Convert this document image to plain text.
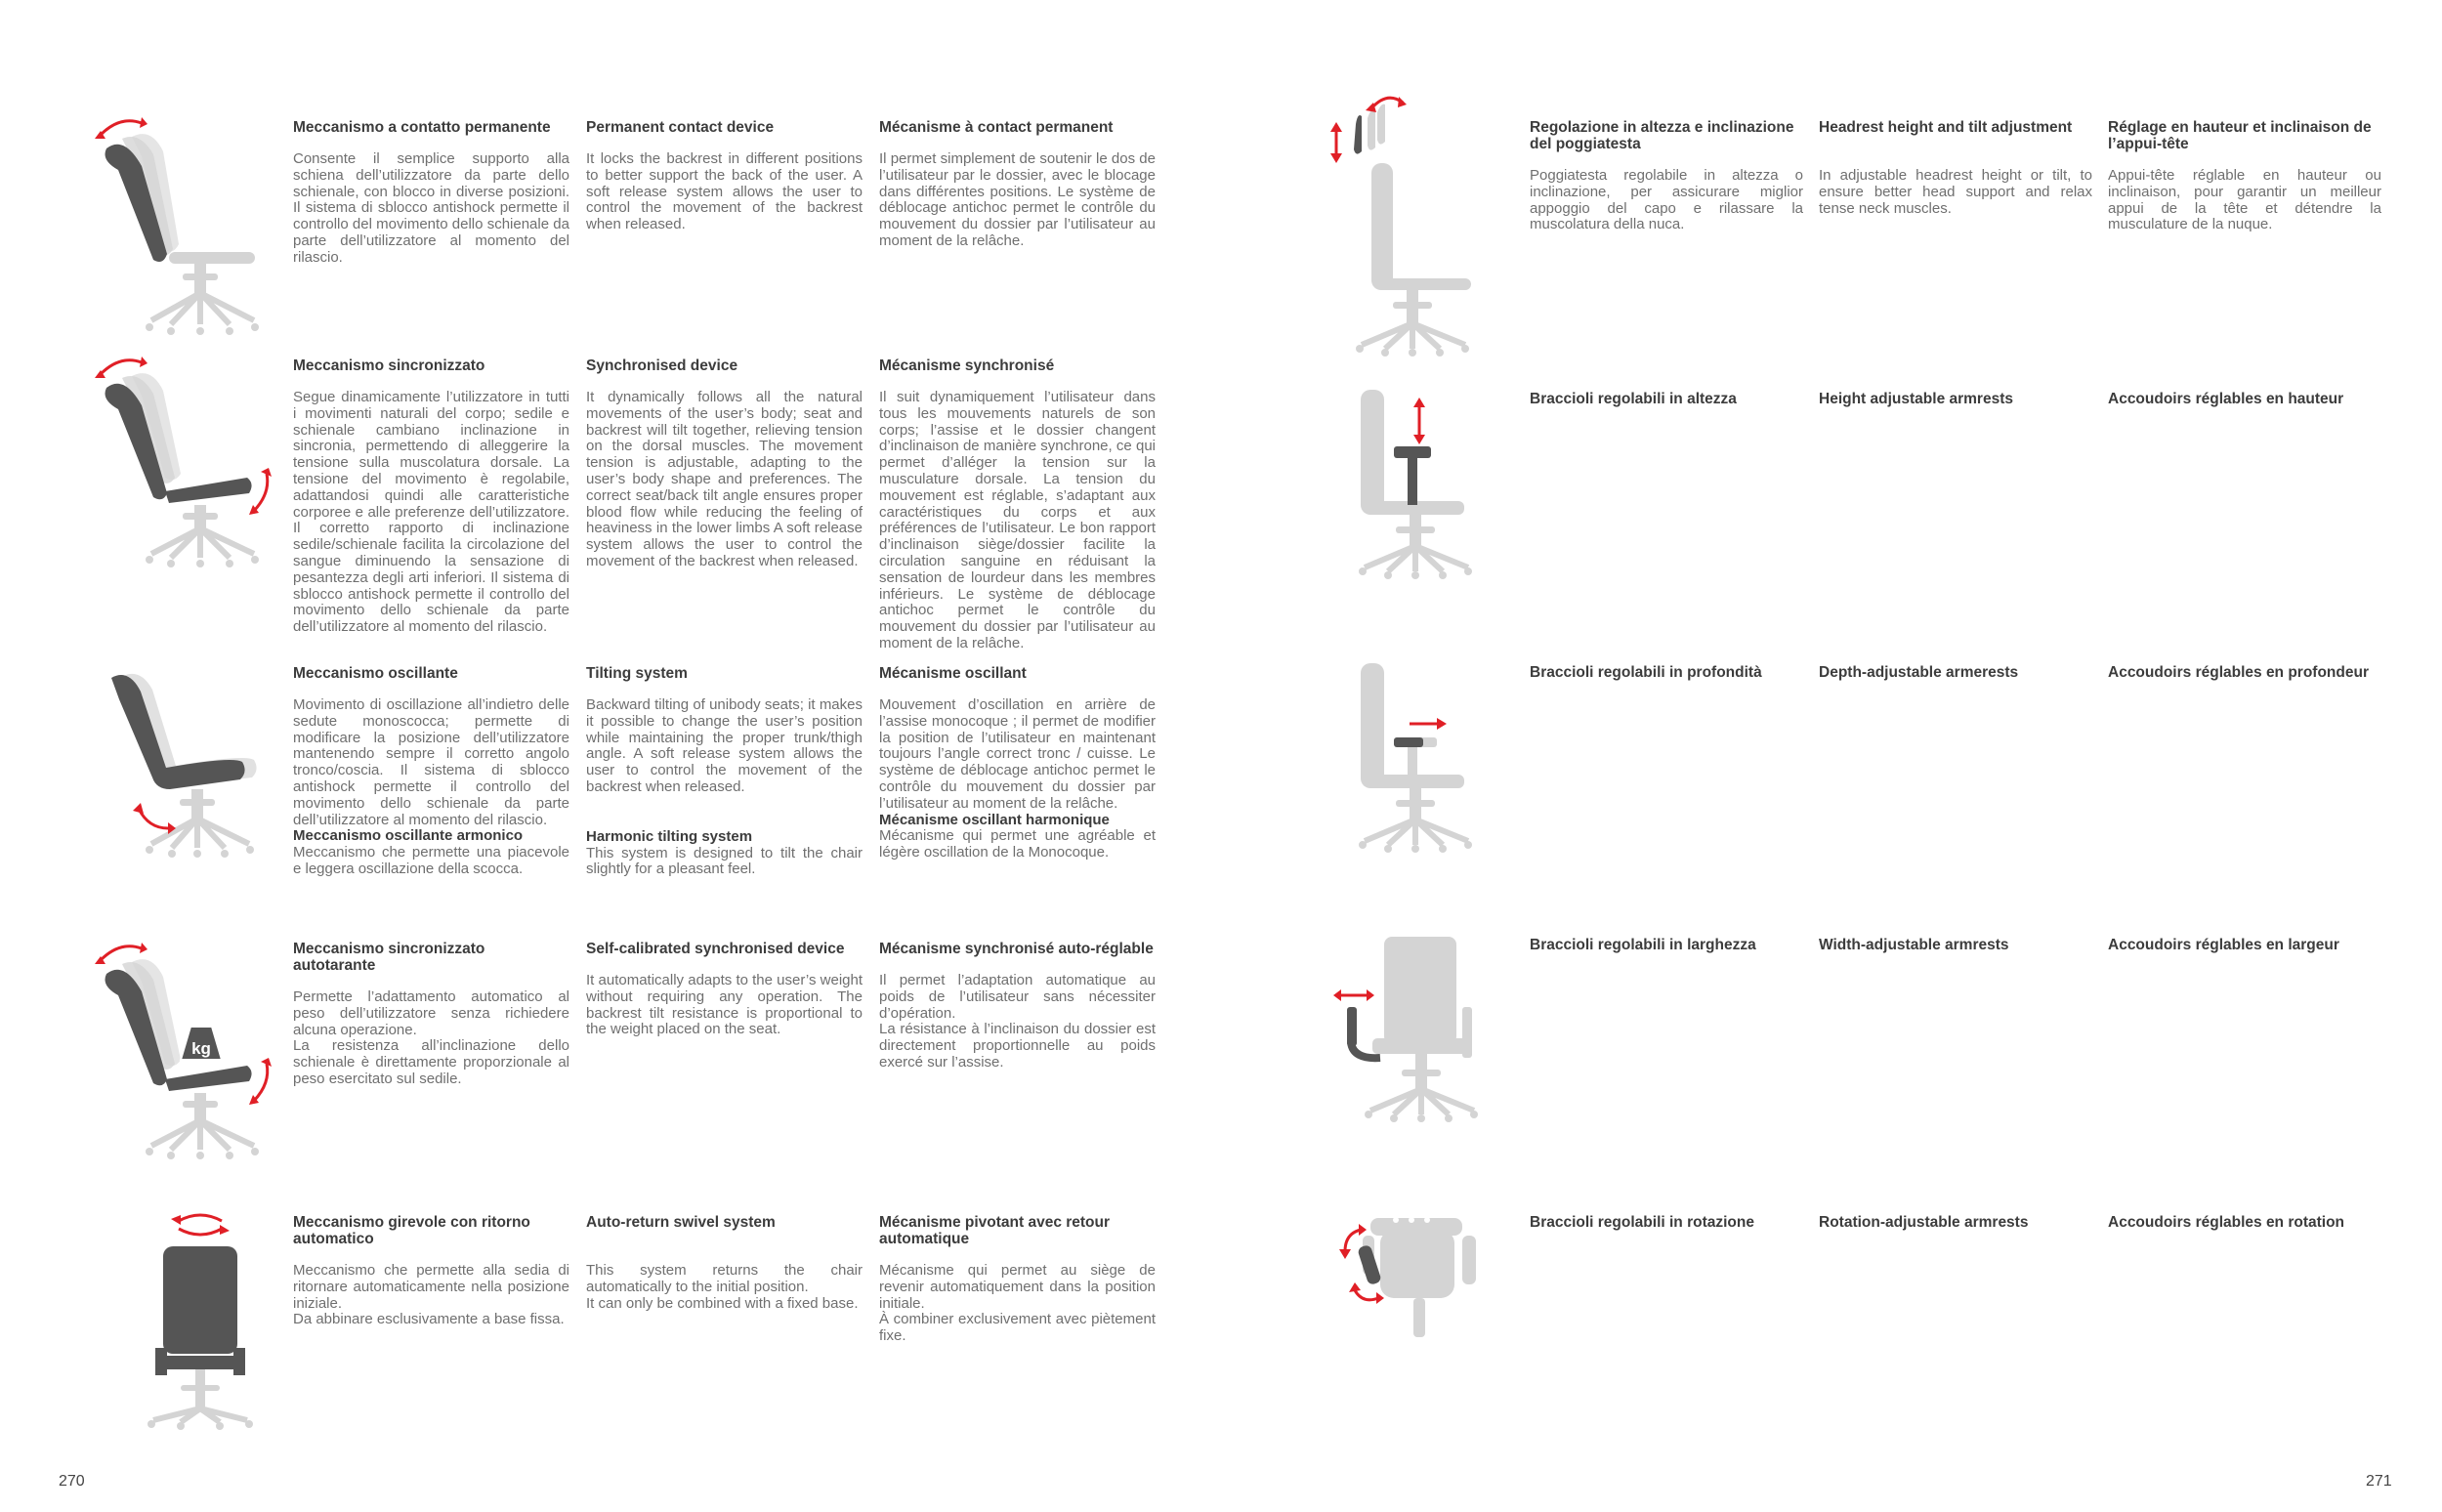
Meccanismo a contatto permanente
Consente il semplice supporto alla schiena dell’utilizzatore da parte dello schienale, con blocco in diverse posizioni. Il sistema di sblocco antishock permette il controllo del movimento dello schienale da parte dell’utilizzatore al momento del rilascio.
Permanent contact device
It locks the backrest in different positions to better support the back of the user. A soft release system allows the user to control the movement of the backrest when released.
Mécanisme à contact permanent
Il permet simplement de soutenir le dos de l’utilisateur par le dossier, avec le blocage dans différentes positions. Le système de déblocage antichoc permet le contrôle du mouvement du dossier par l’utilisateur au moment de la relâche.
Meccanismo sincronizzato
Segue dinamicamente l’utilizzatore in tutti i movimenti naturali del corpo; sedile e schienale cambiano inclinazione in sincronia, permettendo di alleggerire la tensione sulla muscolatura dorsale. La tensione del movimento è regolabile, adattandosi quindi alle caratteristiche corporee e alle preferenze dell’utilizzatore. Il corretto rapporto di inclinazione sedile/schienale facilita la circolazione del sangue diminuendo la sensazione di pesantezza degli arti inferiori. Il sistema di sblocco antishock permette il controllo del movimento dello schienale da parte dell’utilizzatore al momento del rilascio.
Synchronised device
It dynamically follows all the natural movements of the user’s body; seat and backrest will tilt together, relieving tension on the dorsal muscles. The movement tension is adjustable, adapting to the user’s body shape and preferences. The correct seat/back tilt angle ensures proper blood flow while reducing the feeling of heaviness in the lower limbs A soft release system allows the user to control the movement of the backrest when released.
Mécanisme synchronisé
Il suit dynamiquement l’utilisateur dans tous les mouvements naturels de son corps; l’assise et le dossier changent d’inclinaison de manière synchrone, ce qui permet d’alléger la tension sur la musculature dorsale. La tension du mouvement est réglable, s’adaptant aux caractéristiques du corps et aux préférences de l’utilisateur. Le bon rapport d’inclinaison siège/dossier facilite la circulation sanguine en réduisant la sensation de lourdeur dans les membres inférieurs. Le système de déblocage antichoc permet le contrôle du mouvement du dossier par l’utilisateur au moment de la relâche.
Meccanismo oscillante
Movimento di oscillazione all’indietro delle sedute monoscocca; permette di modificare la posizione dell’utilizzatore mantenendo sempre il corretto angolo tronco/coscia. Il sistema di sblocco antishock permette il controllo del movimento dello schienale da parte dell’utilizzatore al momento del rilascio.
Meccanismo oscillante armonico
Meccanismo che permette una piacevole e leggera oscillazione della scocca.
Tilting system
Backward tilting of unibody seats; it makes it possible to change the user’s position while maintaining the proper trunk/thigh angle. A soft release system allows the user to control the movement of the backrest when released.
Harmonic tilting system
This system is designed to tilt the chair slightly for a pleasant feel.
Mécanisme oscillant
Mouvement d’oscillation en arrière de l’assise monocoque ; il permet de modifier la position de l’utilisateur en maintenant toujours l’angle correct tronc / cuisse. Le système de déblocage antichoc permet le contrôle du mouvement du dossier par l’utilisateur au moment de la relâche.
Mécanisme oscillant harmonique
Mécanisme qui permet une agréable et légère oscillation de la Monocoque.
kg
Meccanismo sincronizzato autotarante
Permette l’adattamento automatico al peso dell’utilizzatore senza richiedere alcuna operazione.
La resistenza all’inclinazione dello schienale è direttamente proporzionale al peso esercitato sul sedile.
Self-calibrated synchronised device
It automatically adapts to the user’s weight without requiring any operation. The backrest tilt resistance is proportional to the weight placed on the seat.
Mécanisme synchronisé auto-réglable
Il permet l’adaptation automatique au poids de l’utilisateur sans nécessiter d’opération.
La résistance à l’inclinaison du dossier est directement proportionnelle au poids exercé sur l’assise.
Meccanismo girevole con ritorno automatico
Meccanismo che permette alla sedia di ritornare automaticamente nella posizione iniziale.
Da abbinare esclusivamente a base fissa.
Auto-return swivel system
This system returns the chair automatically to the initial position.
It can only be combined with a fixed base.
Mécanisme pivotant avec retour automatique
Mécanisme qui permet au siège de revenir automatiquement dans la position initiale.
À combiner exclusivement avec piètement fixe.
270
Regolazione in altezza e inclinazione del poggiatesta
Poggiatesta regolabile in altezza o inclinazione, per assicurare miglior appoggio del capo e rilassare la muscolatura della nuca.
Headrest height and tilt adjustment
In adjustable headrest height or tilt, to ensure better head support and relax tense neck muscles.
Réglage en hauteur et inclinaison de l’appui-tête
Appui-tête réglable en hauteur ou inclinaison, pour garantir un meilleur appui de la tête et détendre la musculature de la nuque.
Braccioli regolabili in altezza	Height adjustable armrests	Accoudoirs réglables en hauteur
Braccioli regolabili in profondità	Depth-adjustable armerests	Accoudoirs réglables en profondeur
Braccioli regolabili in larghezza	Width-adjustable armrests	Accoudoirs réglables en largeur
Braccioli regolabili in rotazione	Rotation-adjustable armrests	Accoudoirs réglables en rotation
271
